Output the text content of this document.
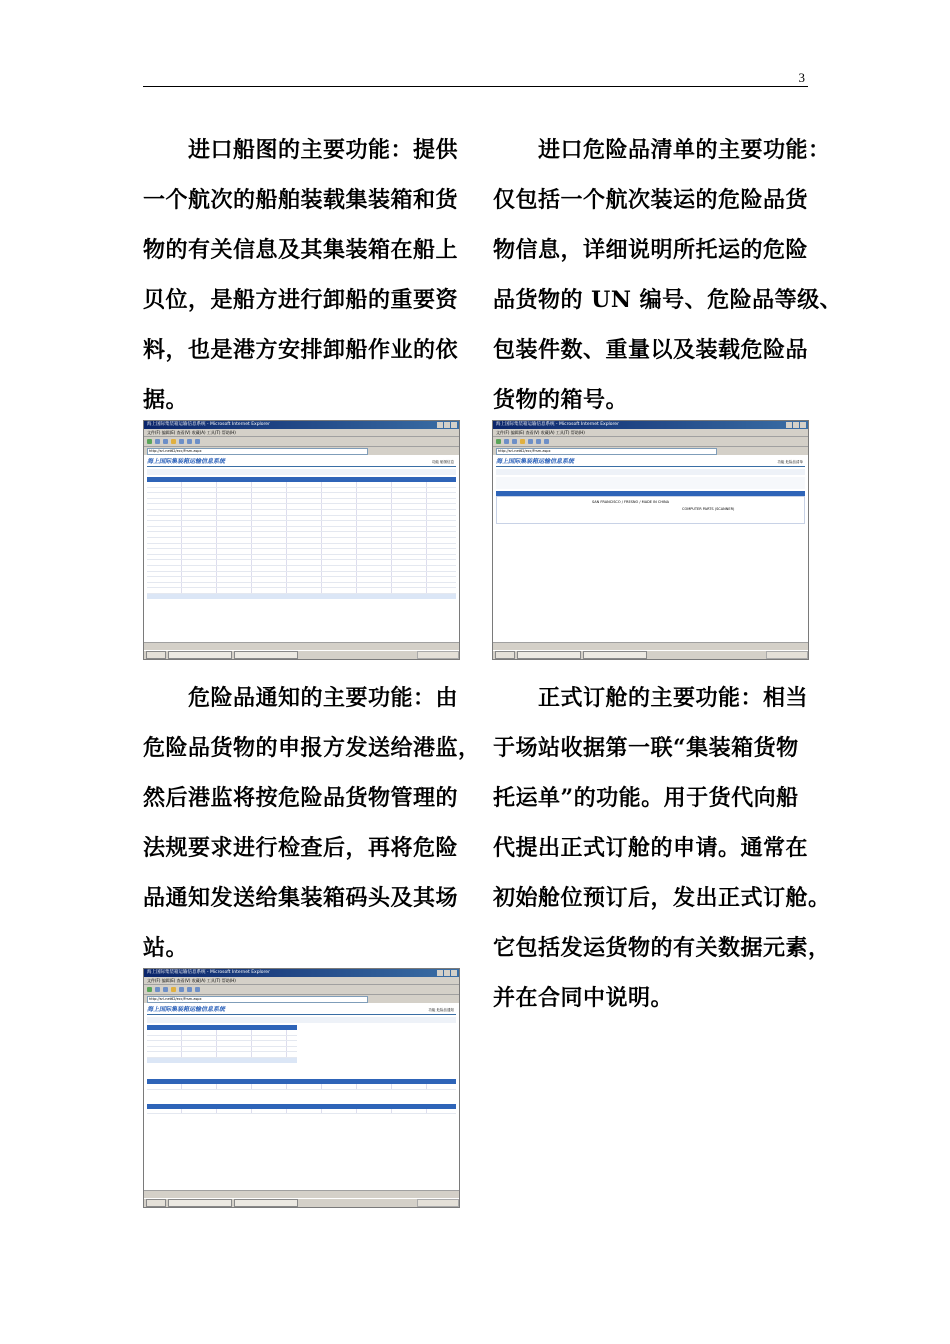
3
　　进口船图的主要功能：提供
一个航次的船舶装载集装箱和货
物的有关信息及其集装箱在船上
贝位，是船方进行卸船的重要资
料，也是港方安排卸船作业的依
据。
　　进口危险品清单的主要功能：
仅包括一个航次装运的危险品货
物信息，详细说明所托运的危险
品货物的 UN 编号、危险品等级、
包装件数、重量以及装载危险品
货物的箱号。
　　危险品通知的主要功能：由
危险品货物的申报方发送给港监，
然后港监将按危险品货物管理的
法规要求进行检查后，再将危险
品通知发送给集装箱码头及其场
站。
　　正式订舱的主要功能：相当
于场站收据第一联“集装箱货物
托运单”的功能。用于货代向船
代提出正式订舱的申请。通常在
初始舱位预订后，发出正式订舱。
它包括发运货物的有关数据元素，
并在合同中说明。
海上国际集装箱运输信息系统 - Microsoft Internet Explorer
文件(F) 编辑(E) 查看(V) 收藏(A) 工具(T) 帮助(H)
http://srl-net62/ecc/Frsm.aspx
海上国际集装箱运输信息系统	功能 船图信息
海上国际集装箱运输信息系统 - Microsoft Internet Explorer
文件(F) 编辑(E) 查看(V) 收藏(A) 工具(T) 帮助(H)
http://srl-net62/ecc/Frsm.aspx
海上国际集装箱运输信息系统	功能 危险品清单
SAN FRANCISCO / FRESNO / MADE IN CHINA
COMPUTER PARTS (SCANNER)
海上国际集装箱运输信息系统 - Microsoft Internet Explorer
文件(F) 编辑(E) 查看(V) 收藏(A) 工具(T) 帮助(H)
http://srl-net62/ecc/Frsm.aspx
海上国际集装箱运输信息系统	功能 危险品通知
